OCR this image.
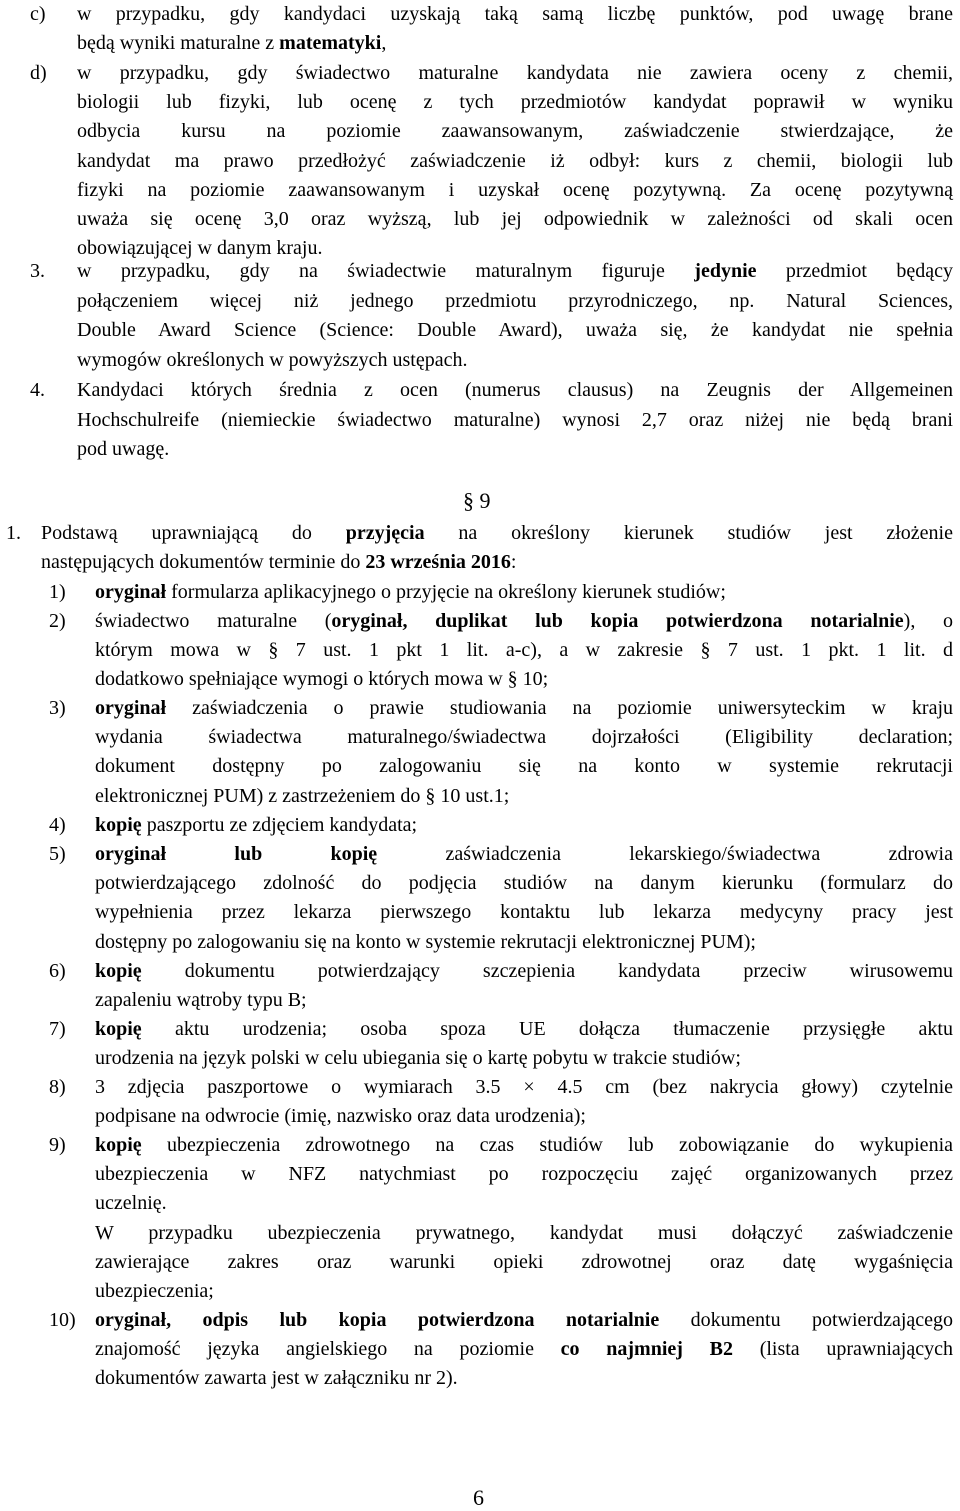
c) w przypadku, gdy kandydaci uzyskają taką samą liczbę punktów, pod uwagę brane
będą wyniki maturalne z matematyki,
d) w przypadku, gdy świadectwo maturalne kandydata nie zawiera oceny z chemii,
biologii lub fizyki, lub ocenę z tych przedmiotów kandydat poprawił w wyniku
odbycia kursu na poziomie zaawansowanym, zaświadczenie stwierdzające, że
kandydat ma prawo przedłożyć zaświadczenie iż odbył: kurs z chemii, biologii lub
fizyki na poziomie zaawansowanym i uzyskał ocenę pozytywną. Za ocenę pozytywną
uważa się ocenę 3,0 oraz wyższą, lub jej odpowiednik w zależności od skali ocen
obowiązującej w danym kraju.
3. w przypadku, gdy na świadectwie maturalnym figuruje jedynie przedmiot będący
połączeniem więcej niż jednego przedmiotu przyrodniczego, np. Natural Sciences,
Double Award Science (Science: Double Award), uważa się, że kandydat nie spełnia
wymogów określonych w powyższych ustępach.
4. Kandydaci których średnia z ocen (numerus clausus) na Zeugnis der Allgemeinen
Hochschulreife (niemieckie świadectwo maturalne) wynosi 2,7 oraz niżej nie będą brani
pod uwagę.
§ 9
1. Podstawą uprawniającą do przyjęcia na określony kierunek studiów jest złożenie
następujących dokumentów terminie do 23 września 2016:
1) oryginał formularza aplikacyjnego o przyjęcie na określony kierunek studiów;
2) świadectwo maturalne (oryginał, duplikat lub kopia potwierdzona notarialnie), o
którym mowa w § 7 ust. 1 pkt 1 lit. a-c), a w zakresie § 7 ust. 1 pkt. 1 lit. d
dodatkowo spełniające wymogi o których mowa w § 10;
3) oryginał zaświadczenia o prawie studiowania na poziomie uniwersyteckim w kraju
wydania świadectwa maturalnego/świadectwa dojrzałości (Eligibility declaration;
dokument dostępny po zalogowaniu się na konto w systemie rekrutacji
elektronicznej PUM) z zastrzeżeniem do § 10 ust.1;
4) kopię paszportu ze zdjęciem kandydata;
5) oryginał lub kopię zaświadczenia lekarskiego/świadectwa zdrowia
potwierdzającego zdolność do podjęcia studiów na danym kierunku (formularz do
wypełnienia przez lekarza pierwszego kontaktu lub lekarza medycyny pracy jest
dostępny po zalogowaniu się na konto w systemie rekrutacji elektronicznej PUM);
6) kopię dokumentu potwierdzający szczepienia kandydata przeciw wirusowemu
zapaleniu wątroby typu B;
7) kopię aktu urodzenia; osoba spoza UE dołącza tłumaczenie przysięgłe aktu
urodzenia na język polski w celu ubiegania się o kartę pobytu w trakcie studiów;
8) 3 zdjęcia paszportowe o wymiarach 3.5 × 4.5 cm (bez nakrycia głowy) czytelnie
podpisane na odwrocie (imię, nazwisko oraz data urodzenia);
9) kopię ubezpieczenia zdrowotnego na czas studiów lub zobowiązanie do wykupienia
ubezpieczenia w NFZ natychmiast po rozpoczęciu zajęć organizowanych przez
uczelnię.
W przypadku ubezpieczenia prywatnego, kandydat musi dołączyć zaświadczenie
zawierające zakres oraz warunki opieki zdrowotnej oraz datę wygaśnięcia
ubezpieczenia;
10) oryginał, odpis lub kopia potwierdzona notarialnie dokumentu potwierdzającego
znajomość języka angielskiego na poziomie co najmniej B2 (lista uprawniających
dokumentów zawarta jest w załączniku nr 2).
6
